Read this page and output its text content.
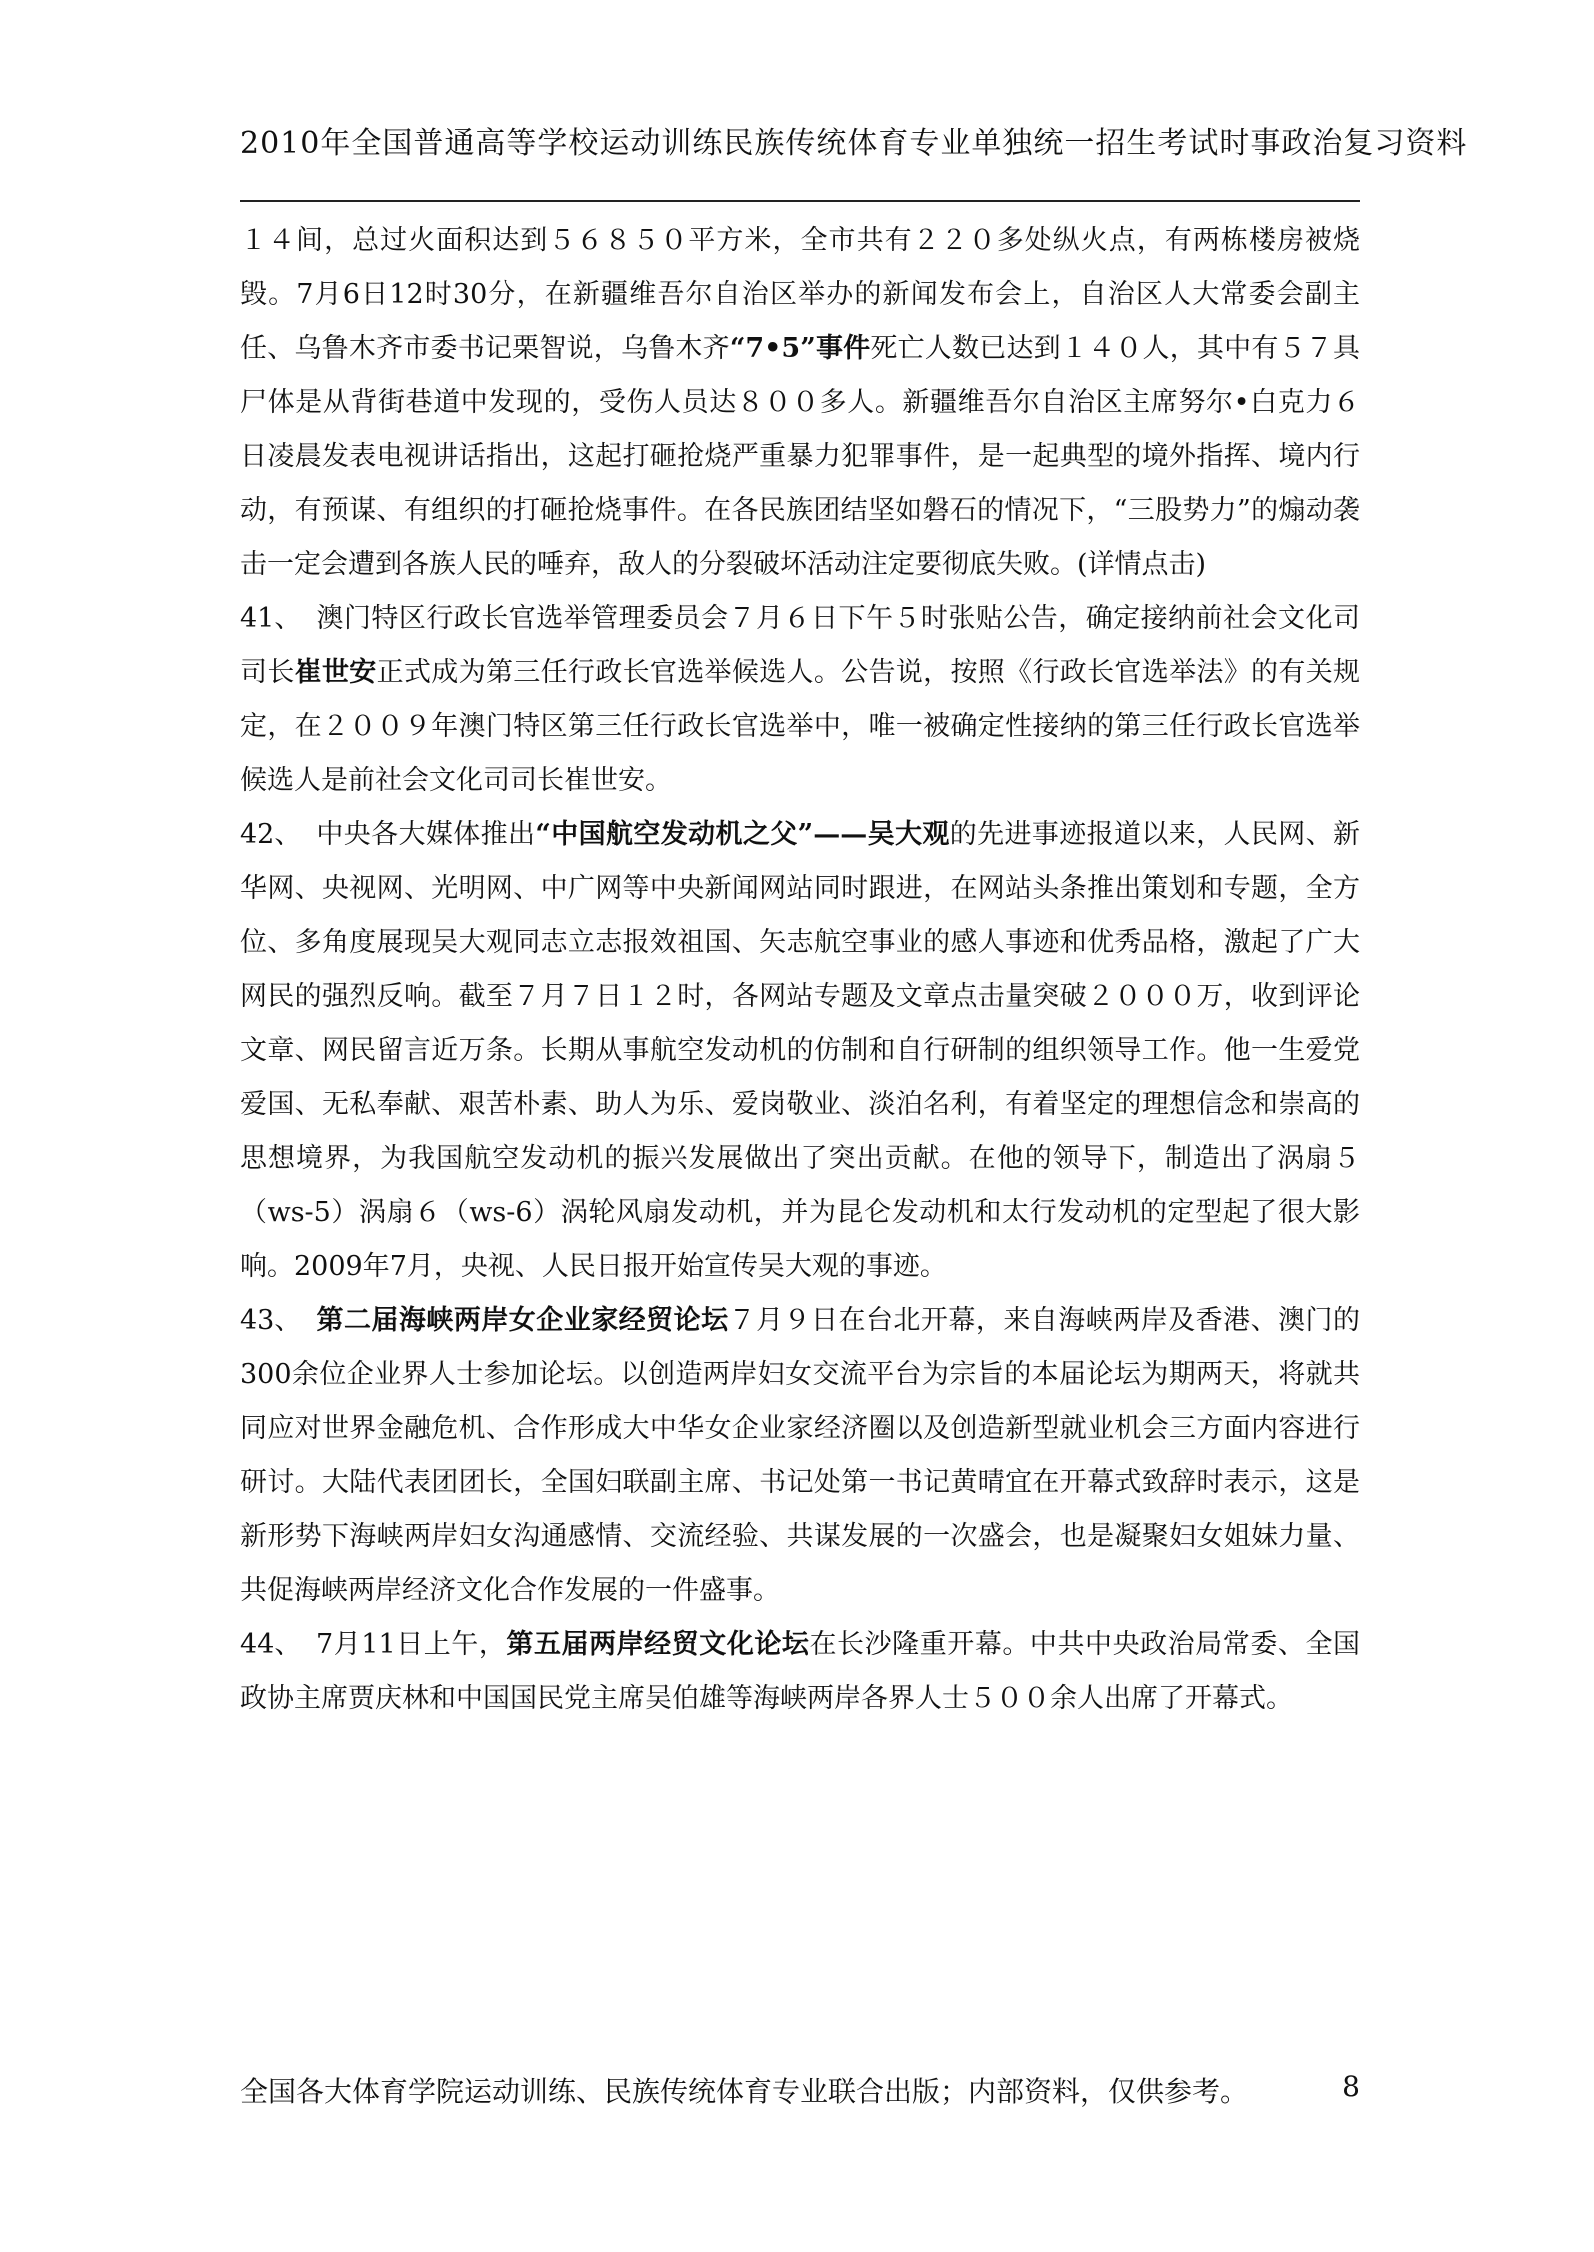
2010年全国普通高等学校运动训练民族传统体育专业单独统一招生考试时事政治复习资料

１４间，总过火面积达到５６８５０平方米，全市共有２２０多处纵火点，有两栋楼房被烧毁。7月6日12时30分，在新疆维吾尔自治区举办的新闻发布会上，自治区人大常委会副主任、乌鲁木齐市委书记栗智说，乌鲁木齐“7•5”事件死亡人数已达到１４０人，其中有５７具尸体是从背街巷道中发现的，受伤人员达８００多人。新疆维吾尔自治区主席努尔•白克力６日凌晨发表电视讲话指出，这起打砸抢烧严重暴力犯罪事件，是一起典型的境外指挥、境内行动，有预谋、有组织的打砸抢烧事件。在各民族团结坚如磐石的情况下，“三股势力”的煽动袭击一定会遭到各族人民的唾弃，敌人的分裂破坏活动注定要彻底失败。(详情点击)

41、 澳门特区行政长官选举管理委员会７月６日下午５时张贴公告，确定接纳前社会文化司司长崔世安正式成为第三任行政长官选举候选人。公告说，按照《行政长官选举法》的有关规定，在２００９年澳门特区第三任行政长官选举中，唯一被确定性接纳的第三任行政长官选举候选人是前社会文化司司长崔世安。

42、 中央各大媒体推出“中国航空发动机之父”——吴大观的先进事迹报道以来，人民网、新华网、央视网、光明网、中广网等中央新闻网站同时跟进，在网站头条推出策划和专题，全方位、多角度展现吴大观同志立志报效祖国、矢志航空事业的感人事迹和优秀品格，激起了广大网民的强烈反响。截至７月７日１２时，各网站专题及文章点击量突破２０００万，收到评论文章、网民留言近万条。长期从事航空发动机的仿制和自行研制的组织领导工作。他一生爱党爱国、无私奉献、艰苦朴素、助人为乐、爱岗敬业、淡泊名利，有着坚定的理想信念和崇高的思想境界，为我国航空发动机的振兴发展做出了突出贡献。在他的领导下，制造出了涡扇５（ws-5）涡扇６（ws-6）涡轮风扇发动机，并为昆仑发动机和太行发动机的定型起了很大影响。2009年7月，央视、人民日报开始宣传吴大观的事迹。

43、 第二届海峡两岸女企业家经贸论坛７月９日在台北开幕，来自海峡两岸及香港、澳门的300余位企业界人士参加论坛。以创造两岸妇女交流平台为宗旨的本届论坛为期两天，将就共同应对世界金融危机、合作形成大中华女企业家经济圈以及创造新型就业机会三方面内容进行研讨。大陆代表团团长，全国妇联副主席、书记处第一书记黄晴宜在开幕式致辞时表示，这是新形势下海峡两岸妇女沟通感情、交流经验、共谋发展的一次盛会，也是凝聚妇女姐妹力量、共促海峡两岸经济文化合作发展的一件盛事。

44、 7月11日上午，第五届两岸经贸文化论坛在长沙隆重开幕。中共中央政治局常委、全国政协主席贾庆林和中国国民党主席吴伯雄等海峡两岸各界人士５００余人出席了开幕式。

全国各大体育学院运动训练、民族传统体育专业联合出版；内部资料，仅供参考。	8
